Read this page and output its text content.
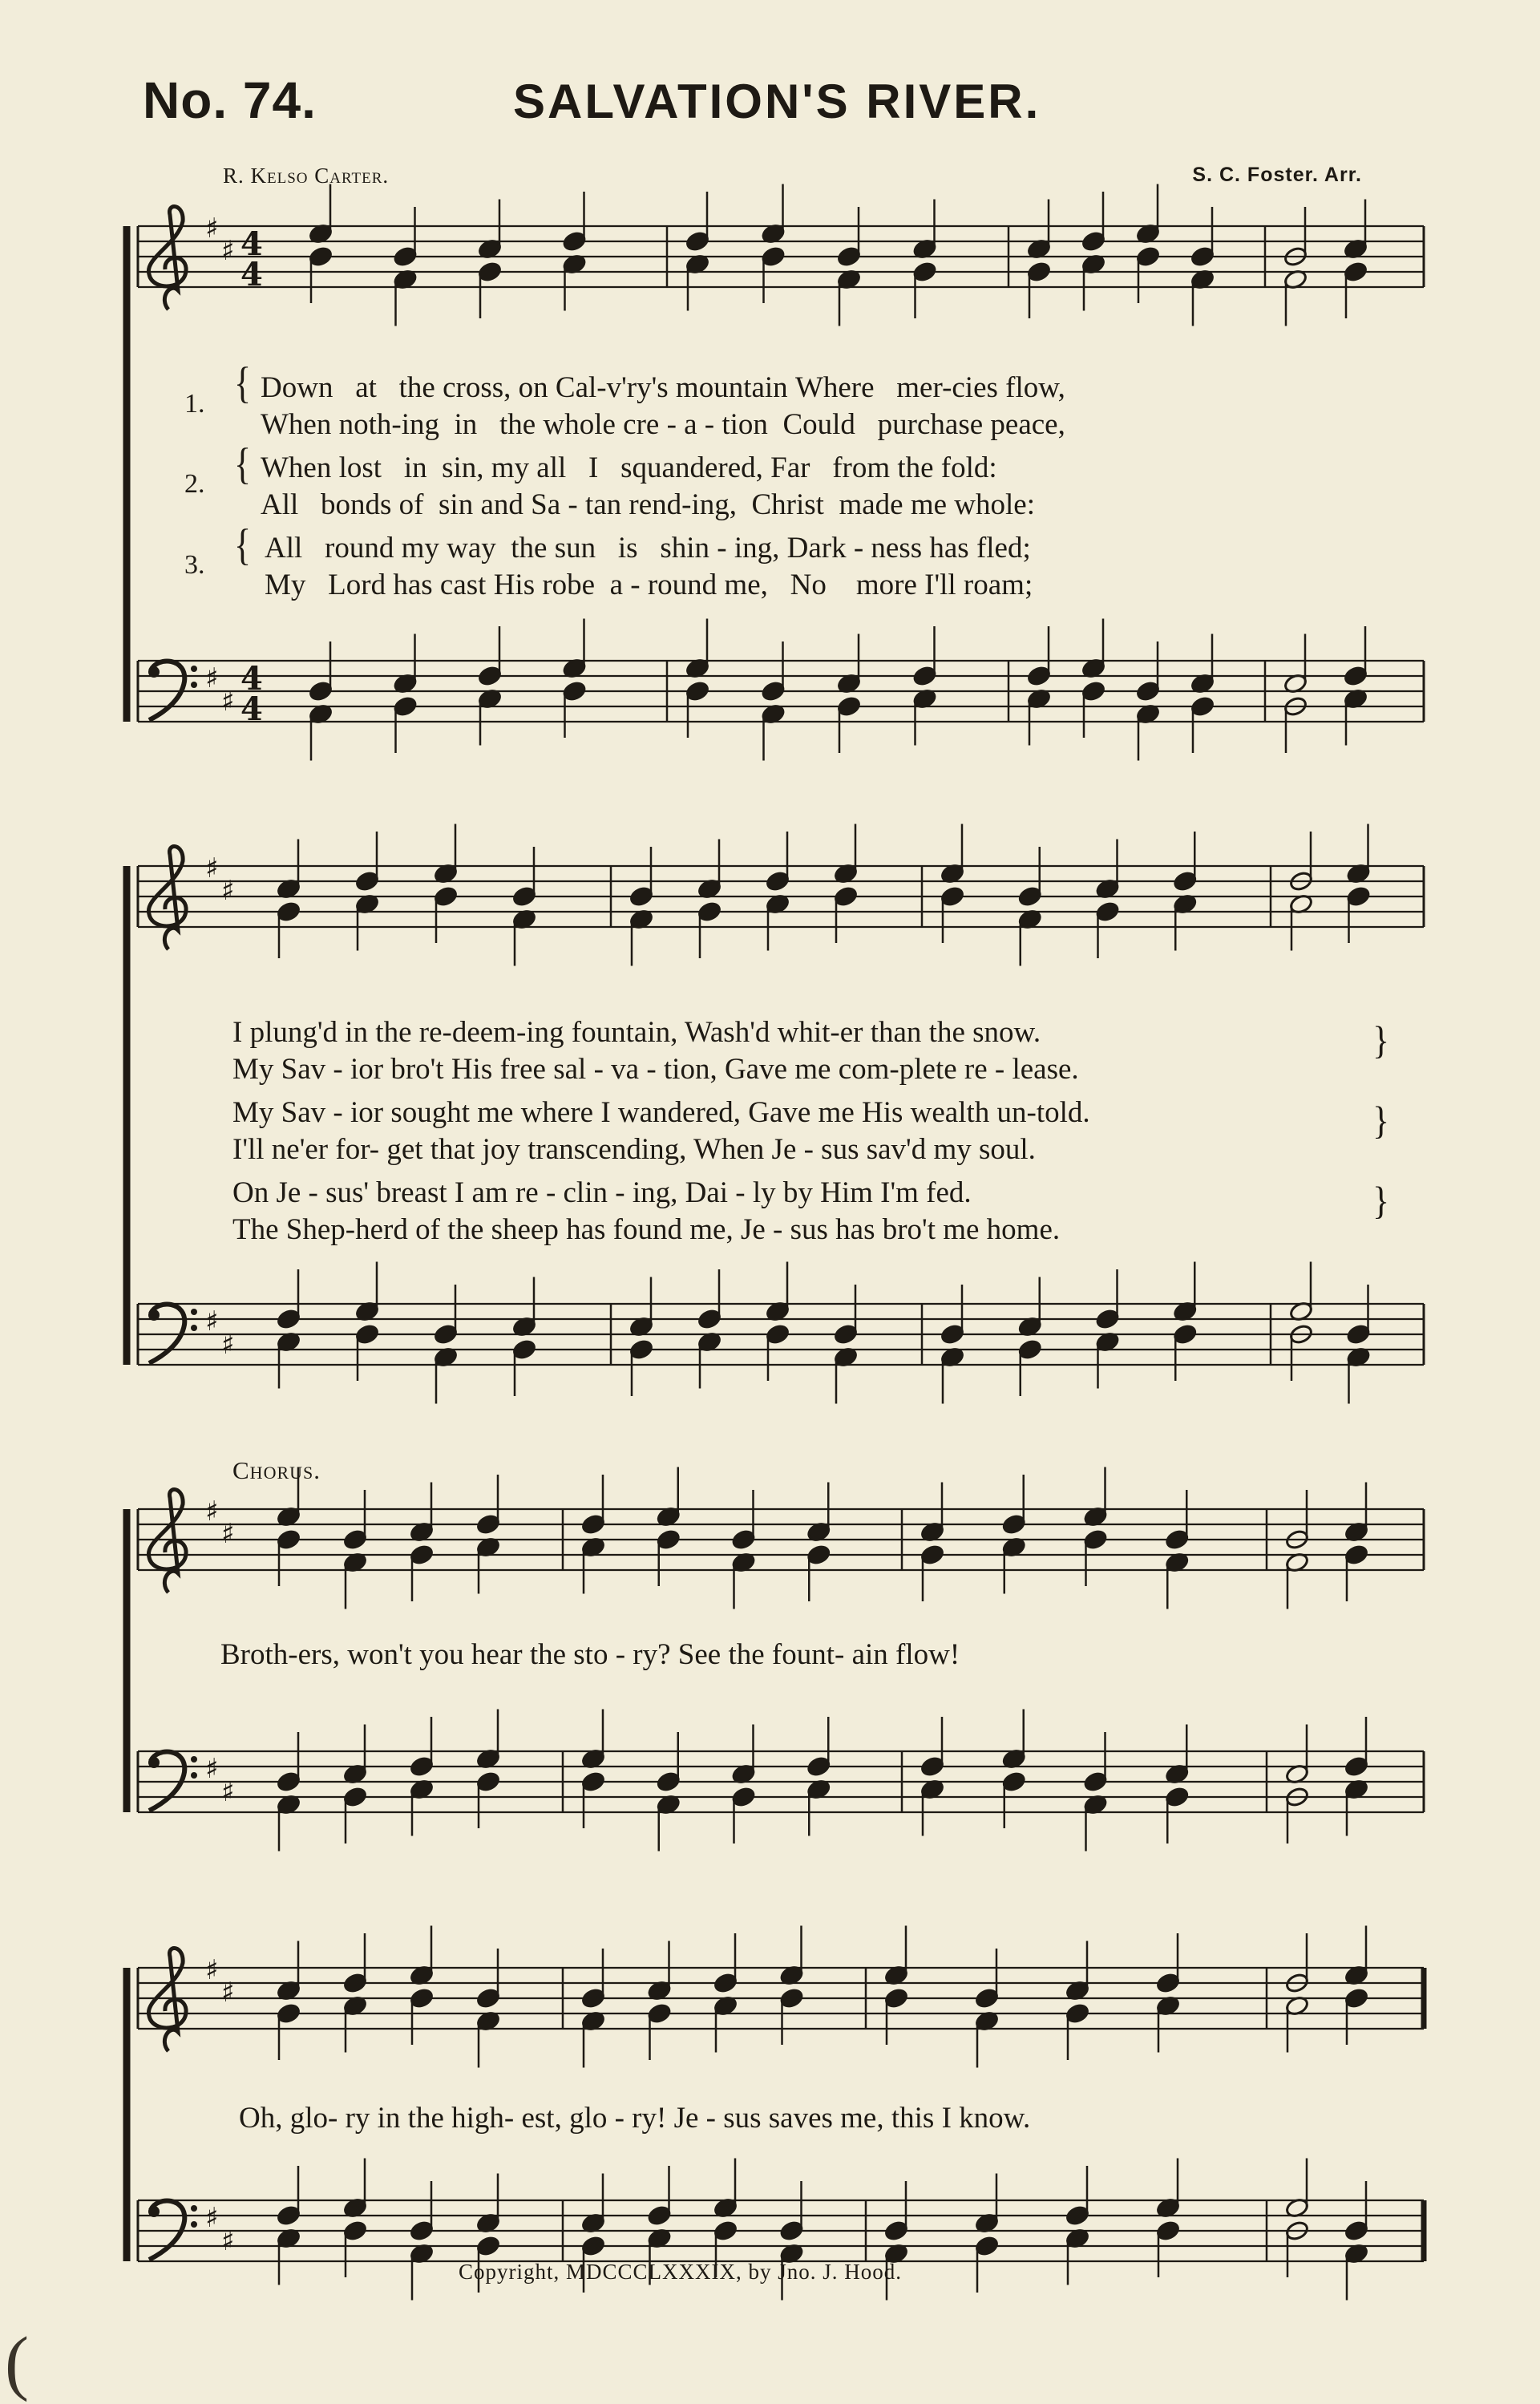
No. 74.	SALVATION'S RIVER.
R. Kelso Carter.	S. C. Foster. Arr.
♯
♯ 4
4
♯
♯
4
4
♯
♯
♯
♯
♯
♯
♯
♯
♯
♯
♯
♯
1. { Down at the cross, on Cal-v'ry's mountain Where mer-cies flow,
When noth-ing in the whole cre - a - tion Could purchase peace,
2. { When lost in sin, my all I squandered, Far from the fold:
All bonds of sin and Sa - tan rend-ing, Christ made me whole:
3. { All round my way the sun is shin - ing, Dark - ness has fled;
My Lord has cast His robe a - round me, No more I'll roam;
I plung'd in the re-deem-ing fountain, Wash'd whit-er than the snow.
My Sav - ior bro't His free sal - va - tion, Gave me com-plete re - lease.
My Sav - ior sought me where I wandered, Gave me His wealth un-told.
I'll ne'er for- get that joy transcending, When Je - sus sav'd my soul.
On Je - sus' breast I am re - clin - ing, Dai - ly by Him I'm fed.
The Shep-herd of the sheep has found me, Je - sus has bro't me home.
{
{
{
Chorus.
Broth-ers, won't you hear the sto - ry? See the fount- ain flow!
Oh, glo- ry in the high- est, glo - ry! Je - sus saves me, this I know.
Copyright, MDCCCLXXXIX, by Jno. J. Hood.
(
